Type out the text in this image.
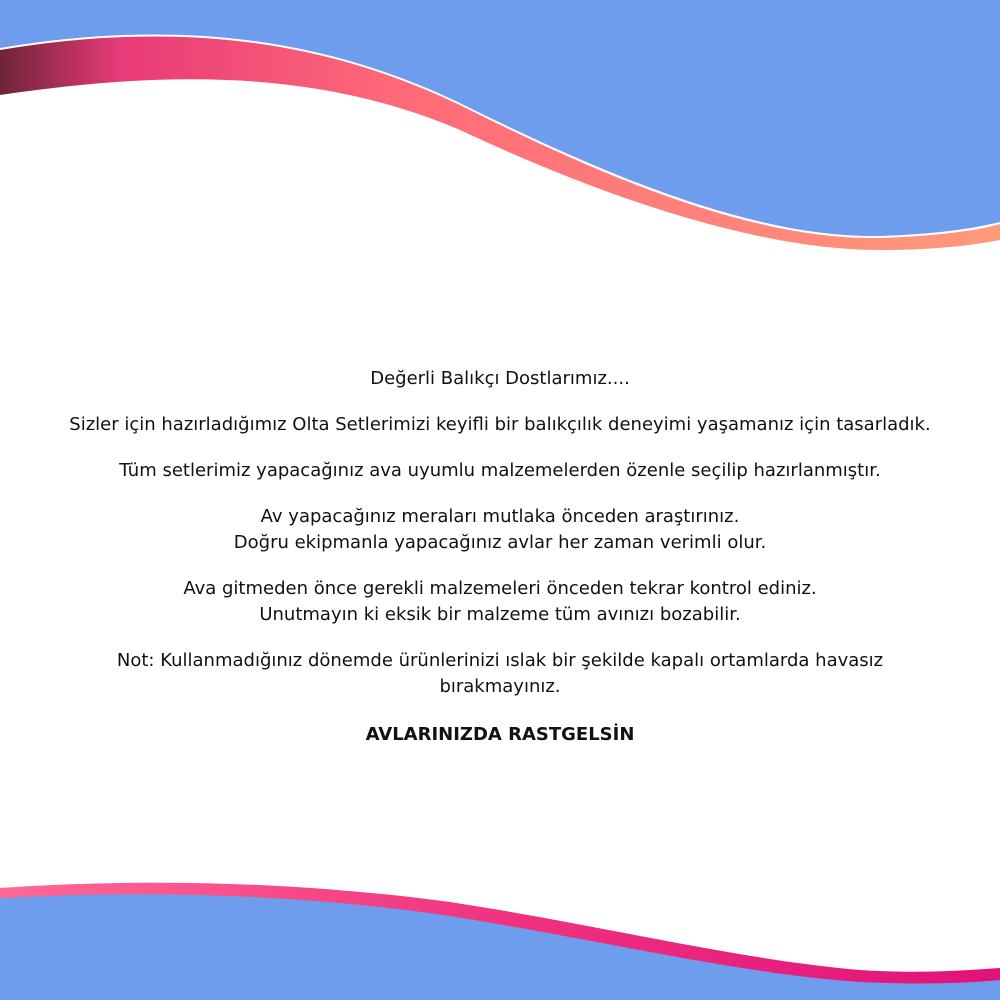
Değerli Balıkçı Dostlarımız....

Sizler için hazırladığımız Olta Setlerimizi keyifli bir balıkçılık deneyimi yaşamanız için tasarladık.

Tüm setlerimiz yapacağınız ava uyumlu malzemelerden özenle seçilip hazırlanmıştır.

Av yapacağınız meraları mutlaka önceden araştırınız.
Doğru ekipmanla yapacağınız avlar her zaman verimli olur.

Ava gitmeden önce gerekli malzemeleri önceden tekrar kontrol ediniz.
Unutmayın ki eksik bir malzeme tüm avınızı bozabilir.

Not: Kullanmadığınız dönemde ürünlerinizi ıslak bir şekilde kapalı ortamlarda havasız
bırakmayınız.

AVLARINIZDA RASTGELSİN
